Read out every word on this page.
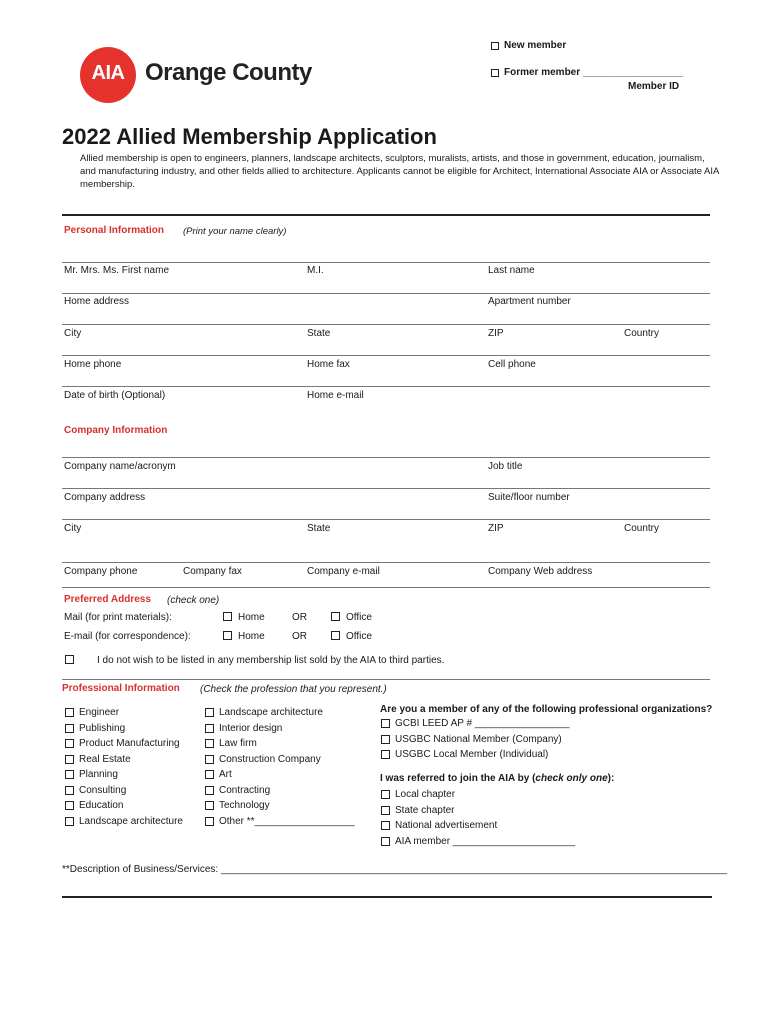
AIA Orange County
New member
Former member __________________
Member ID
2022 Allied Membership Application
Allied membership is open to engineers, planners, landscape architects, sculptors, muralists, artists, and those in government, education, journalism, and manufacturing industry, and other fields allied to architecture. Applicants cannot be eligible for Architect, International Associate AIA or Associate AIA membership.
Personal Information (Print your name clearly)
Mr. Mrs. Ms. First name	M.I.	Last name
Home address	Apartment number
City	State	ZIP	Country
Home phone	Home fax	Cell phone
Date of birth (Optional)	Home e-mail
Company Information
Company name/acronym	Job title
Company address	Suite/floor number
City	State	ZIP	Country
Company phone	Company fax	Company e-mail	Company Web address
Preferred Address (check one)
Mail (for print materials):	Home	OR	Office
E-mail (for correspondence):	Home	OR	Office
I do not wish to be listed in any membership list sold by the AIA to third parties.
Professional Information (Check the profession that you represent.)
Engineer
Publishing
Product Manufacturing
Real Estate
Planning
Consulting
Education
Landscape architecture
Landscape architecture
Interior design
Law firm
Construction Company
Art
Contracting
Technology
Other **__________________
Are you a member of any of the following professional organizations?
GCBI LEED AP # _________________
USGBC National Member (Company)
USGBC Local Member (Individual)
I was referred to join the AIA by (check only one):
Local chapter
State chapter
National advertisement
AIA member ______________________
**Description of Business/Services: ___________________________________________________________________________________________
